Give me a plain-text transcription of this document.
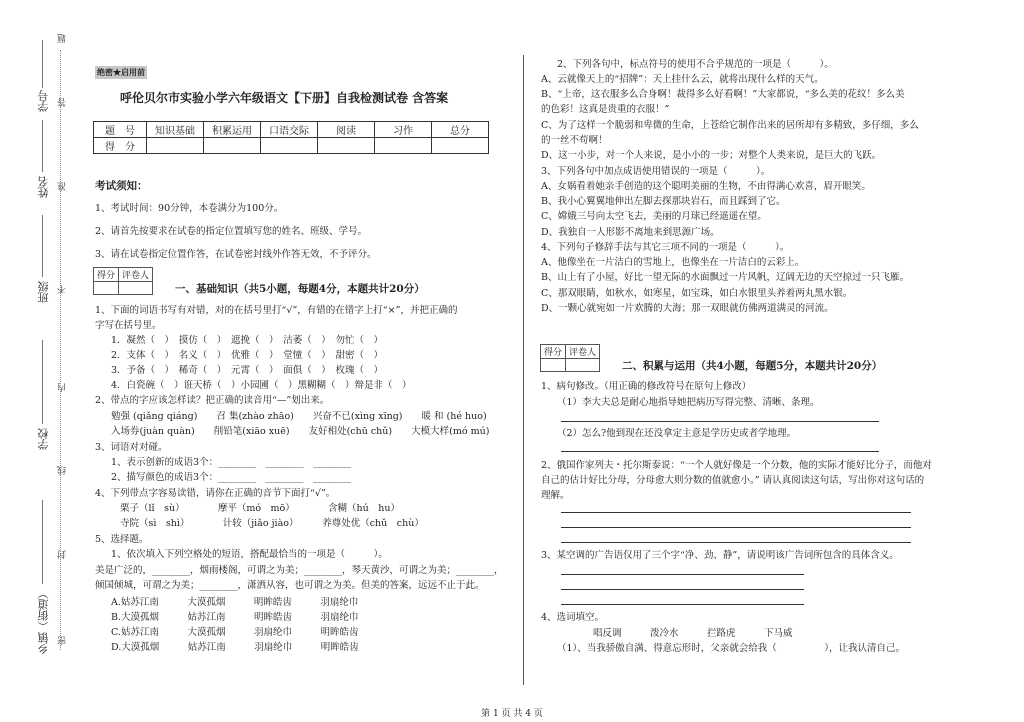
学号
姓名
班级
学校
乡镇（街道）
题
答
准
不
内
线
封
密
绝密★启用前
呼伦贝尔市实验小学六年级语文【下册】自我检测试卷 含答案
题　号	知识基础	积累运用	口语交际	阅读	习作	总分
得　分						
考试须知：
1、考试时间：90分钟，本卷满分为100分。
2、请首先按要求在试卷的指定位置填写您的姓名、班级、学号。
3、请在试卷指定位置作答，在试卷密封线外作答无效，不予评分。
得分	评卷人

一、基础知识（共5小题，每题4分，本题共计20分）
1、下面的词语书写有对错，对的在括号里打“√”，有错的在错字上打“×”，并把正确的
字写在括号里。
1．凝然（　）　摸仿（　）　遮挽（　）　沽萎（　）　勿忙（　）
2．支体（　）　名义（　）　优雅（　）　堂憧（　）　甜密（　）
3．予备（　）　稀奇（　）　元霄（　）　面俱（　）　枚瑰（　）
4．白瓷碗（　）诳天桥（　）小园圃（　）黑糊糊（　）辩是非（　）
2、带点的字应该怎样读？把正确的读音用“—”划出来。
勉强 (qiǎng qiáng)　　召 集(zhào zhāo)　　兴奋不已(xìng xīng)　　暖 和 (hé huo)
入场券(juàn quàn)　　削铅笔(xiāo xuē)　　友好相处(chū chǔ)　　大模大样(mó mú)
3、词语对对碰。
1、表示创新的成语3个：________　________　________
2、描写颜色的成语3个：________　________　________
4、下列带点字容易读错，请你在正确的音节下面打“√”。
栗子（lǐ　sù）　　　　摩平（mó　mō）　　　　含糊（hú　hu）
寺院（sì　shì）　　　　计较（jiǎo jiào）　　　养尊处优（chǔ　chù）
5、选择题。
1、依次填入下列空格处的短语，搭配最恰当的一项是（　　　）。
美是广泛的，________，烟雨楼阁，可谓之为美；________，琴天黄沙，可谓之为美；________，
倾国倾城，可谓之为美；________，潇洒从容，也可谓之为美。但美的答案，远远不止于此。
A.姑苏江南　　　大漠孤烟　　　明眸皓齿　　　羽扇纶巾
B.大漠孤烟　　　姑苏江南　　　明眸皓齿　　　羽扇纶巾
C.姑苏江南　　　大漠孤烟　　　羽扇纶巾　　　明眸皓齿
D.大漠孤烟　　　姑苏江南　　　羽扇纶巾　　　明眸皓齿
2、下列各句中，标点符号的使用不合乎规范的一项是（　　　）。
A、云就像天上的“招牌”：天上挂什么云，就将出现什么样的天气。
B、“上帝，这衣服多么合身啊！裁得多么好看啊！”大家都说，“多么美的花纹！多么美
的色彩！这真是贵重的衣服！”
C、为了这样一个脆弱和卑微的生命，上苍给它制作出来的居所却有多精致，多仔细，多么
的一丝不苟啊！
D、这一小步，对一个人来说，是小小的一步；对整个人类来说，是巨大的飞跃。
3、下列各句中加点成语使用错误的一项是（　　　）。
A、女娲看着她亲手创造的这个聪明美丽的生物，不由得满心欢喜，眉开眼笑。
B、我小心翼翼地伸出左脚去探那块岩石，而且踩到了它。
C、嫦娥三号向太空飞去，美丽的月球已经遥遥在望。
D、我独自一人形影不离地来到思源广场。
4、下列句子修辞手法与其它三项不同的一项是（　　　）。
A、他像坐在一片洁白的雪地上，也像坐在一片洁白的云彩上。
B、山上有了小屋，好比一望无际的水面飘过一片风帆，辽阔无边的天空掠过一只飞雁。
C、那双眼睛，如秋水，如寒星，如宝珠，如白水银里头养着两丸黑水银。
D、一颗心就宛如一片欢腾的大海；那一双眼就仿佛两道满灵的河流。
得分	评卷人

二、积累与运用（共4小题，每题5分，本题共计20分）
1、病句修改。（用正确的修改符号在原句上修改）
（1）李大夫总是耐心地指导她把病历写得完整、清晰、条理。
（2）怎么?他到现在还没拿定主意是学历史或者学地理。
2、俄国作家列夫・托尔斯泰说：“一个人就好像是一个分数，他的实际才能好比分子，而他对
自己的估计好比分母，分母愈大则分数的值就愈小。” 请认真阅读这句话，写出你对这句话的
理解。
3、某空调的广告语仅用了三个字“净、劲、静”，请说明该广告词所包含的具体含义。
4、选词填空。
唱反调　　　泼冷水　　　拦路虎　　　下马威
（1）、当我骄傲自满、得意忘形时，父亲就会给我（　　　　　），让我认清自己。
第 1 页 共 4 页
